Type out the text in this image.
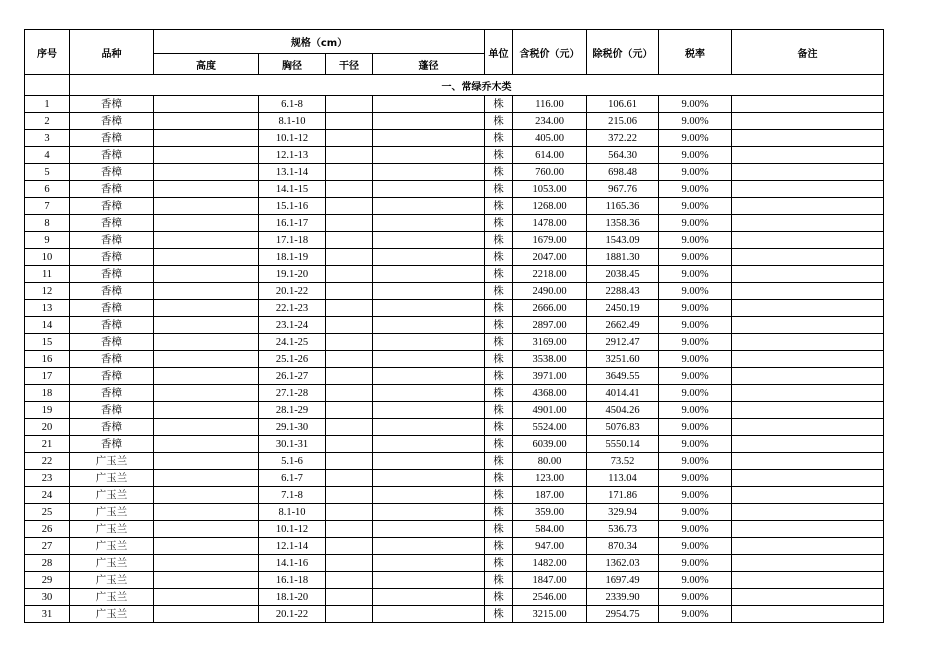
序号	品种	规格（cm）				单位	含税价（元）	除税价（元）	税率	备注
		高度	胸径	干径	蓬径					
	一、常绿乔木类									
1	香樟		6.1-8			株	116.00	106.61	9.00%	
2	香樟		8.1-10			株	234.00	215.06	9.00%	
3	香樟		10.1-12			株	405.00	372.22	9.00%	
4	香樟		12.1-13			株	614.00	564.30	9.00%	
5	香樟		13.1-14			株	760.00	698.48	9.00%	
6	香樟		14.1-15			株	1053.00	967.76	9.00%	
7	香樟		15.1-16			株	1268.00	1165.36	9.00%	
8	香樟		16.1-17			株	1478.00	1358.36	9.00%	
9	香樟		17.1-18			株	1679.00	1543.09	9.00%	
10	香樟		18.1-19			株	2047.00	1881.30	9.00%	
11	香樟		19.1-20			株	2218.00	2038.45	9.00%	
12	香樟		20.1-22			株	2490.00	2288.43	9.00%	
13	香樟		22.1-23			株	2666.00	2450.19	9.00%	
14	香樟		23.1-24			株	2897.00	2662.49	9.00%	
15	香樟		24.1-25			株	3169.00	2912.47	9.00%	
16	香樟		25.1-26			株	3538.00	3251.60	9.00%	
17	香樟		26.1-27			株	3971.00	3649.55	9.00%	
18	香樟		27.1-28			株	4368.00	4014.41	9.00%	
19	香樟		28.1-29			株	4901.00	4504.26	9.00%	
20	香樟		29.1-30			株	5524.00	5076.83	9.00%	
21	香樟		30.1-31			株	6039.00	5550.14	9.00%	
22	广玉兰		5.1-6			株	80.00	73.52	9.00%	
23	广玉兰		6.1-7			株	123.00	113.04	9.00%	
24	广玉兰		7.1-8			株	187.00	171.86	9.00%	
25	广玉兰		8.1-10			株	359.00	329.94	9.00%	
26	广玉兰		10.1-12			株	584.00	536.73	9.00%	
27	广玉兰		12.1-14			株	947.00	870.34	9.00%	
28	广玉兰		14.1-16			株	1482.00	1362.03	9.00%	
29	广玉兰		16.1-18			株	1847.00	1697.49	9.00%	
30	广玉兰		18.1-20			株	2546.00	2339.90	9.00%	
31	广玉兰		20.1-22			株	3215.00	2954.75	9.00%	
